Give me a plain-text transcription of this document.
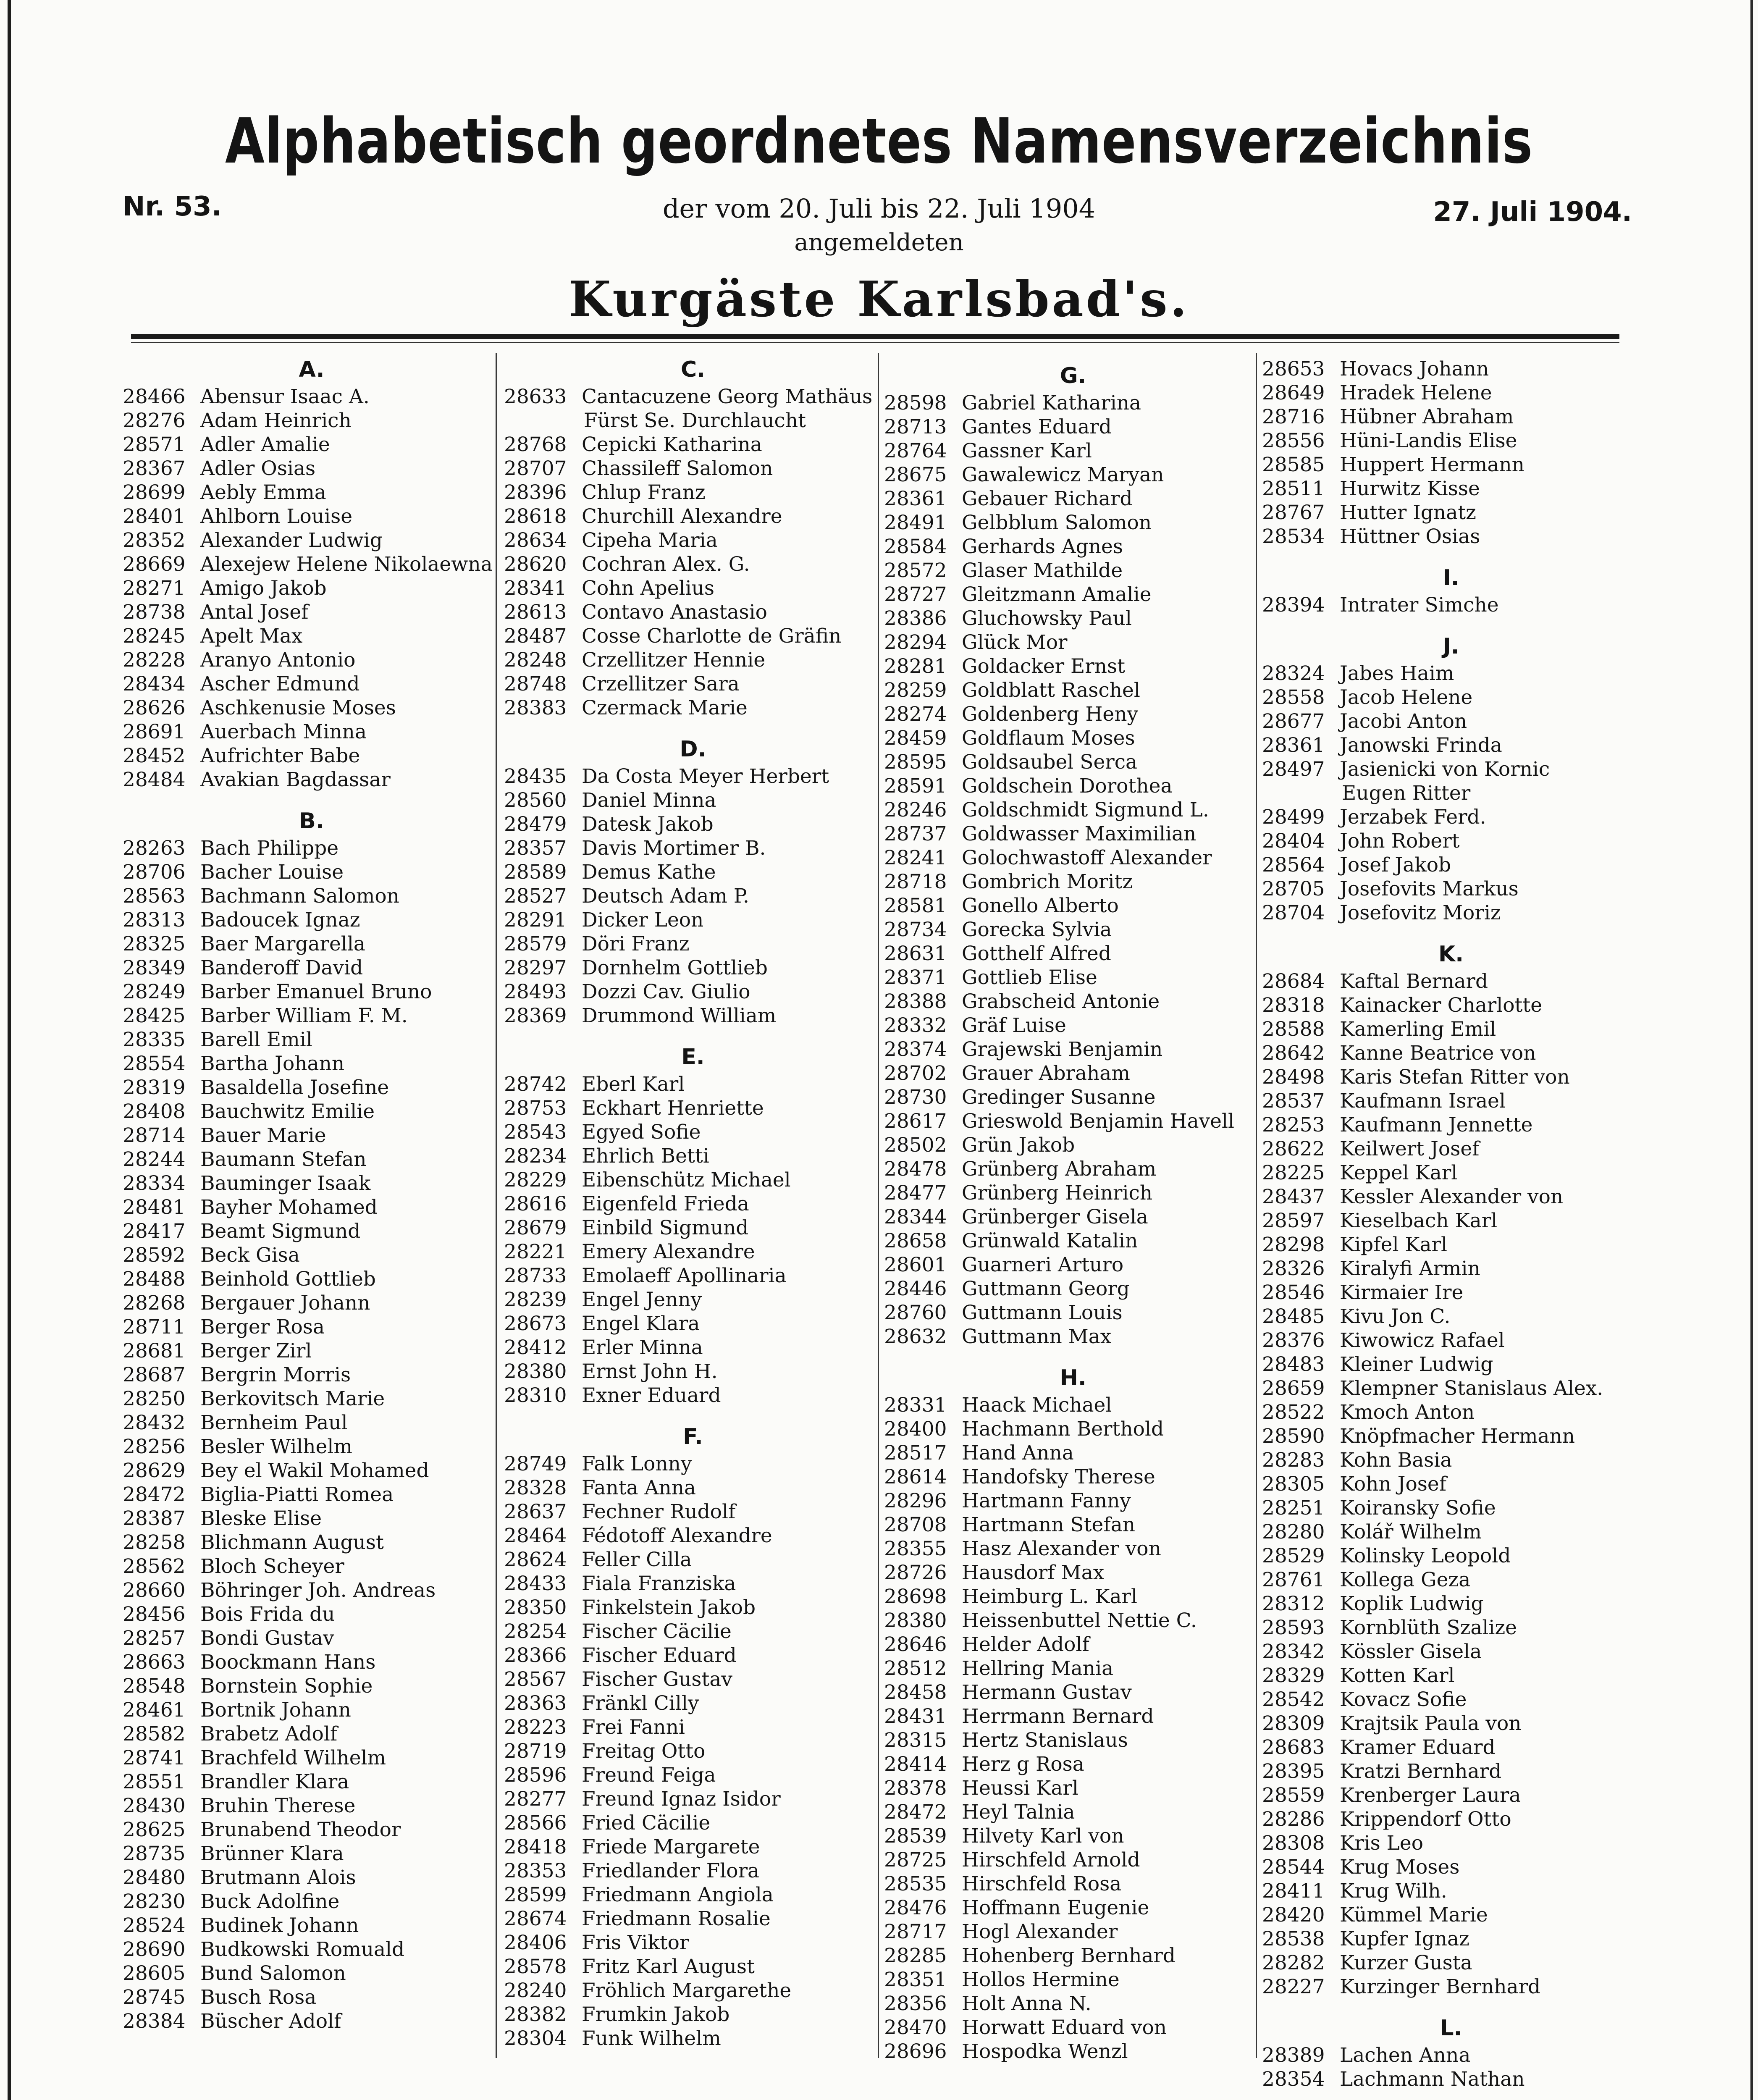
Alphabetisch geordnetes Namensverzeichnis
Nr. 53.	27. Juli 1904.
der vom 20. Juli bis 22. Juli 1904
angemeldeten
Kurgäste Karlsbad's.
A.
28466 Abensur Isaac A.
28276 Adam Heinrich
28571 Adler Amalie
28367 Adler Osias
28699 Aebly Emma
28401 Ahlborn Louise
28352 Alexander Ludwig
28669 Alexejew Helene Nikolaewna
28271 Amigo Jakob
28738 Antal Josef
28245 Apelt Max
28228 Aranyo Antonio
28434 Ascher Edmund
28626 Aschkenusie Moses
28691 Auerbach Minna
28452 Aufrichter Babe
28484 Avakian Bagdassar
B.
28263 Bach Philippe
28706 Bacher Louise
28563 Bachmann Salomon
28313 Badoucek Ignaz
28325 Baer Margarella
28349 Banderoff David
28249 Barber Emanuel Bruno
28425 Barber William F. M.
28335 Barell Emil
28554 Bartha Johann
28319 Basaldella Josefine
28408 Bauchwitz Emilie
28714 Bauer Marie
28244 Baumann Stefan
28334 Bauminger Isaak
28481 Bayher Mohamed
28417 Beamt Sigmund
28592 Beck Gisa
28488 Beinhold Gottlieb
28268 Bergauer Johann
28711 Berger Rosa
28681 Berger Zirl
28687 Bergrin Morris
28250 Berkovitsch Marie
28432 Bernheim Paul
28256 Besler Wilhelm
28629 Bey el Wakil Mohamed
28472 Biglia-Piatti Romea
28387 Bleske Elise
28258 Blichmann August
28562 Bloch Scheyer
28660 Böhringer Joh. Andreas
28456 Bois Frida du
28257 Bondi Gustav
28663 Boockmann Hans
28548 Bornstein Sophie
28461 Bortnik Johann
28582 Brabetz Adolf
28741 Brachfeld Wilhelm
28551 Brandler Klara
28430 Bruhin Therese
28625 Brunabend Theodor
28735 Brünner Klara
28480 Brutmann Alois
28230 Buck Adolfine
28524 Budinek Johann
28690 Budkowski Romuald
28605 Bund Salomon
28745 Busch Rosa
28384 Büscher Adolf
C.
28633 Cantacuzene Georg Mathäus
Fürst Se. Durchlaucht
28768 Cepicki Katharina
28707 Chassileff Salomon
28396 Chlup Franz
28618 Churchill Alexandre
28634 Cipeha Maria
28620 Cochran Alex. G.
28341 Cohn Apelius
28613 Contavo Anastasio
28487 Cosse Charlotte de Gräfin
28248 Crzellitzer Hennie
28748 Crzellitzer Sara
28383 Czermack Marie
D.
28435 Da Costa Meyer Herbert
28560 Daniel Minna
28479 Datesk Jakob
28357 Davis Mortimer B.
28589 Demus Kathe
28527 Deutsch Adam P.
28291 Dicker Leon
28579 Döri Franz
28297 Dornhelm Gottlieb
28493 Dozzi Cav. Giulio
28369 Drummond William
E.
28742 Eberl Karl
28753 Eckhart Henriette
28543 Egyed Sofie
28234 Ehrlich Betti
28229 Eibenschütz Michael
28616 Eigenfeld Frieda
28679 Einbild Sigmund
28221 Emery Alexandre
28733 Emolaeff Apollinaria
28239 Engel Jenny
28673 Engel Klara
28412 Erler Minna
28380 Ernst John H.
28310 Exner Eduard
F.
28749 Falk Lonny
28328 Fanta Anna
28637 Fechner Rudolf
28464 Fédotoff Alexandre
28624 Feller Cilla
28433 Fiala Franziska
28350 Finkelstein Jakob
28254 Fischer Cäcilie
28366 Fischer Eduard
28567 Fischer Gustav
28363 Fränkl Cilly
28223 Frei Fanni
28719 Freitag Otto
28596 Freund Feiga
28277 Freund Ignaz Isidor
28566 Fried Cäcilie
28418 Friede Margarete
28353 Friedlander Flora
28599 Friedmann Angiola
28674 Friedmann Rosalie
28406 Fris Viktor
28578 Fritz Karl August
28240 Fröhlich Margarethe
28382 Frumkin Jakob
28304 Funk Wilhelm
G.
28598 Gabriel Katharina
28713 Gantes Eduard
28764 Gassner Karl
28675 Gawalewicz Maryan
28361 Gebauer Richard
28491 Gelbblum Salomon
28584 Gerhards Agnes
28572 Glaser Mathilde
28727 Gleitzmann Amalie
28386 Gluchowsky Paul
28294 Glück Mor
28281 Goldacker Ernst
28259 Goldblatt Raschel
28274 Goldenberg Heny
28459 Goldflaum Moses
28595 Goldsaubel Serca
28591 Goldschein Dorothea
28246 Goldschmidt Sigmund L.
28737 Goldwasser Maximilian
28241 Golochwastoff Alexander
28718 Gombrich Moritz
28581 Gonello Alberto
28734 Gorecka Sylvia
28631 Gotthelf Alfred
28371 Gottlieb Elise
28388 Grabscheid Antonie
28332 Gräf Luise
28374 Grajewski Benjamin
28702 Grauer Abraham
28730 Gredinger Susanne
28617 Grieswold Benjamin Havell
28502 Grün Jakob
28478 Grünberg Abraham
28477 Grünberg Heinrich
28344 Grünberger Gisela
28658 Grünwald Katalin
28601 Guarneri Arturo
28446 Guttmann Georg
28760 Guttmann Louis
28632 Guttmann Max
H.
28331 Haack Michael
28400 Hachmann Berthold
28517 Hand Anna
28614 Handofsky Therese
28296 Hartmann Fanny
28708 Hartmann Stefan
28355 Hasz Alexander von
28726 Hausdorf Max
28698 Heimburg L. Karl
28380 Heissenbuttel Nettie C.
28646 Helder Adolf
28512 Hellring Mania
28458 Hermann Gustav
28431 Herrmann Bernard
28315 Hertz Stanislaus
28414 Herz g Rosa
28378 Heussi Karl
28472 Heyl Talnia
28539 Hilvety Karl von
28725 Hirschfeld Arnold
28535 Hirschfeld Rosa
28476 Hoffmann Eugenie
28717 Hogl Alexander
28285 Hohenberg Bernhard
28351 Hollos Hermine
28356 Holt Anna N.
28470 Horwatt Eduard von
28696 Hospodka Wenzl
28653 Hovacs Johann
28649 Hradek Helene
28716 Hübner Abraham
28556 Hüni-Landis Elise
28585 Huppert Hermann
28511 Hurwitz Kisse
28767 Hutter Ignatz
28534 Hüttner Osias
I.
28394 Intrater Simche
J.
28324 Jabes Haim
28558 Jacob Helene
28677 Jacobi Anton
28361 Janowski Frinda
28497 Jasienicki von Kornic
Eugen Ritter
28499 Jerzabek Ferd.
28404 John Robert
28564 Josef Jakob
28705 Josefovits Markus
28704 Josefovitz Moriz
K.
28684 Kaftal Bernard
28318 Kainacker Charlotte
28588 Kamerling Emil
28642 Kanne Beatrice von
28498 Karis Stefan Ritter von
28537 Kaufmann Israel
28253 Kaufmann Jennette
28622 Keilwert Josef
28225 Keppel Karl
28437 Kessler Alexander von
28597 Kieselbach Karl
28298 Kipfel Karl
28326 Kiralyfi Armin
28546 Kirmaier Ire
28485 Kivu Jon C.
28376 Kiwowicz Rafael
28483 Kleiner Ludwig
28659 Klempner Stanislaus Alex.
28522 Kmoch Anton
28590 Knöpfmacher Hermann
28283 Kohn Basia
28305 Kohn Josef
28251 Koiransky Sofie
28280 Kolář Wilhelm
28529 Kolinsky Leopold
28761 Kollega Geza
28312 Koplik Ludwig
28593 Kornblüth Szalize
28342 Kössler Gisela
28329 Kotten Karl
28542 Kovacz Sofie
28309 Krajtsik Paula von
28683 Kramer Eduard
28395 Kratzi Bernhard
28559 Krenberger Laura
28286 Krippendorf Otto
28308 Kris Leo
28544 Krug Moses
28411 Krug Wilh.
28420 Kümmel Marie
28538 Kupfer Ignaz
28282 Kurzer Gusta
28227 Kurzinger Bernhard
L.
28389 Lachen Anna
28354 Lachmann Nathan
